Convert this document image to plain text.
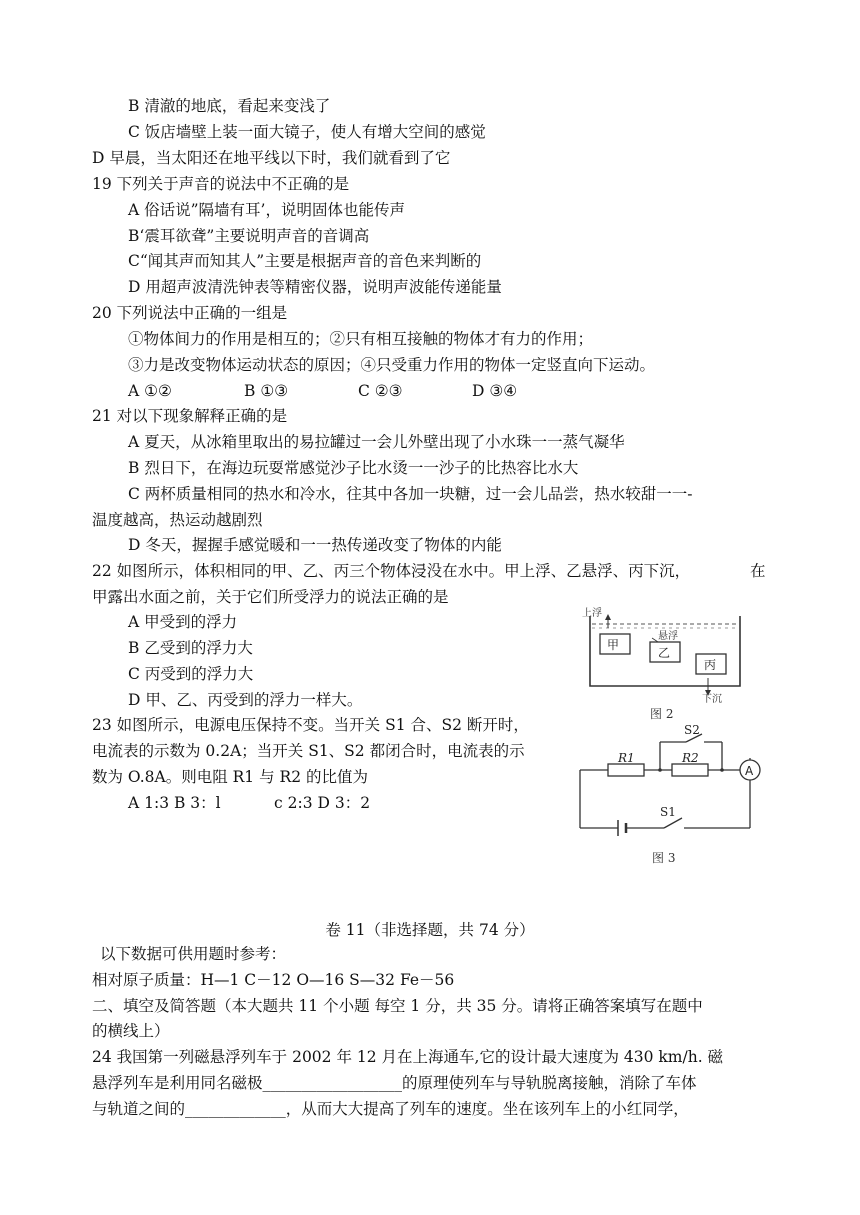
B 清澈的地底，看起来变浅了
C 饭店墙壁上装一面大镜子，使人有增大空间的感觉
D 早晨，当太阳还在地平线以下时，我们就看到了它
19 下列关于声音的说法中不正确的是
A 俗话说”隔墙有耳’，说明固体也能传声
B‘震耳欲聋”主要说明声音的音调高
C“闻其声而知其人”主要是根据声音的音色来判断的
D 用超声波清洗钟表等精密仪器，说明声波能传递能量
20 下列说法中正确的一组是
①物体间力的作用是相互的；②只有相互接触的物体才有力的作用；
③力是改变物体运动状态的原因；④只受重力作用的物体一定竖直向下运动。
A ①②	B ①③	C ②③	D ③④
21 对以下现象解释正确的是
A 夏天，从冰箱里取出的易拉罐过一会儿外壁出现了小水珠一一蒸气凝华
B 烈日下，在海边玩耍常感觉沙子比水烫一一沙子的比热容比水大
C 两杯质量相同的热水和冷水，往其中各加一块糖，过一会儿品尝，热水较甜一一-
温度越高，热运动越剧烈
D 冬天，握握手感觉暖和一一热传递改变了物体的内能
22 如图所示，体积相同的甲、乙、丙三个物体浸没在水中。甲上浮、乙悬浮、丙下沉，	在
甲露出水面之前，关于它们所受浮力的说法正确的是
A 甲受到的浮力
B 乙受到的浮力大
C 丙受到的浮力大
D 甲、乙、丙受到的浮力一样大。
23 如图所示，电源电压保持不变。当开关 S1 合、S2 断开时，
电流表的示数为 0.2A；当开关 S1、S2 都闭合时，电流表的示
数为 O.8A。则电阻 R1 与 R2 的比值为
A 1:3 B 3：l	c 2:3 D 3：2
上浮
悬浮
下沉
甲
乙
丙
图 2
A
R1	R2
S2
S1
图 3
卷 11（非选择题，共 74 分）
以下数据可供用题时参考：
相对原子质量：H—1 C－12 O—16 S—32 Fe－56
二、填空及简答题（本大题共 11 个小题 每空 1 分，共 35 分。请将正确答案填写在题中
的横线上）
24 我国第一列磁悬浮列车于 2002 年 12 月在上海通车,它的设计最大速度为 430 km/h. 磁
悬浮列车是利用同名磁极__________________的原理使列车与导轨脱离接触，消除了车体
与轨道之间的_____________，从而大大提高了列车的速度。坐在该列车上的小红同学，
